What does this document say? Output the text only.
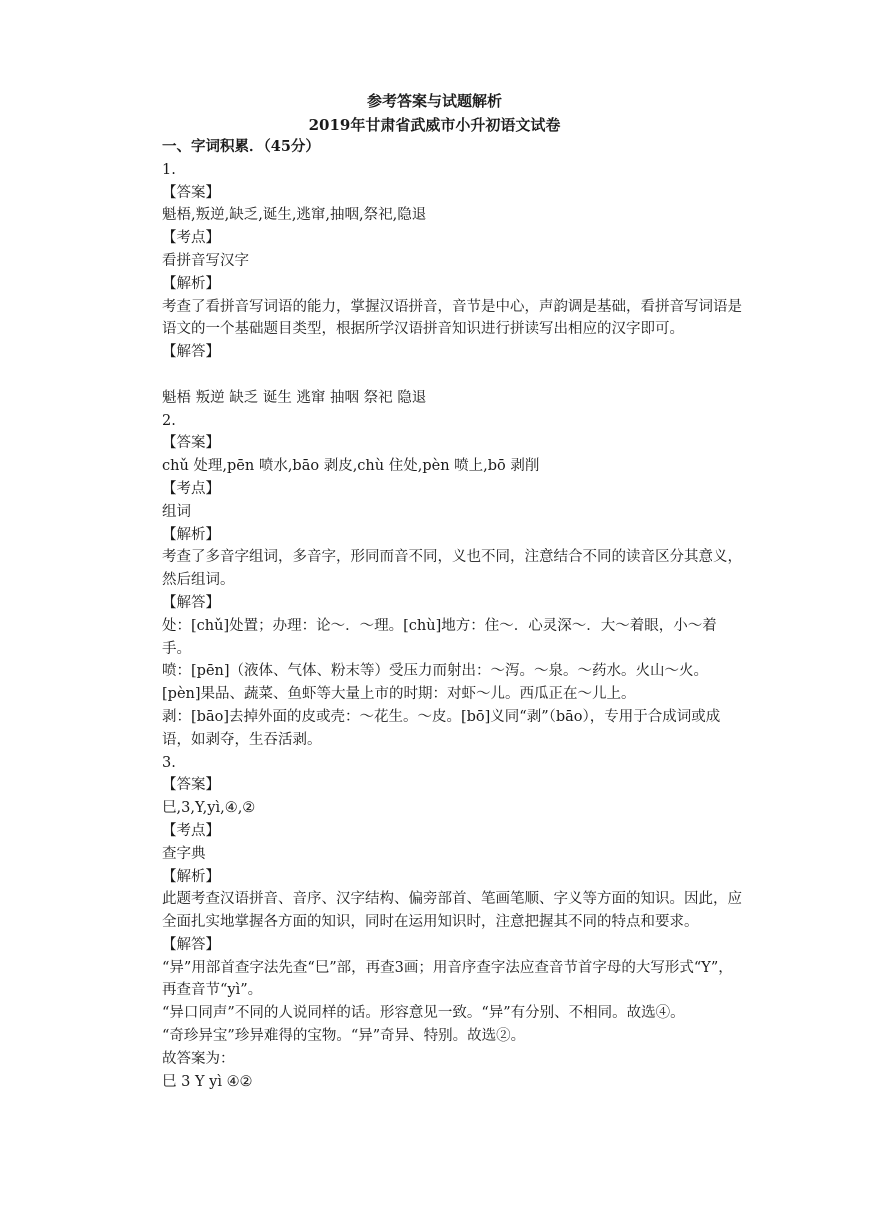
参考答案与试题解析
2019年甘肃省武威市小升初语文试卷
一、字词积累．（45分）
1.
【答案】
魁梧,叛逆,缺乏,诞生,逃窜,抽咽,祭祀,隐退
【考点】
看拼音写汉字
【解析】
考查了看拼音写词语的能力，掌握汉语拼音，音节是中心，声韵调是基础，看拼音写词语是语文的一个基础题目类型，根据所学汉语拼音知识进行拼读写出相应的汉字即可。
【解答】
魁梧 叛逆 缺乏 诞生 逃窜 抽咽 祭祀 隐退
2.
【答案】
chǔ 处理,pēn 喷水,bāo 剥皮,chù 住处,pèn 喷上,bō 剥削
【考点】
组词
【解析】
考查了多音字组词，多音字，形同而音不同，义也不同，注意结合不同的读音区分其意义，然后组词。
【解答】
处：[chǔ]处置；办理：论～．～理。[chù]地方：住～．心灵深～．大～着眼，小～着手。
喷：[pēn]（液体、气体、粉末等）受压力而射出：～泻。～泉。～药水。火山～火。
[pèn]果品、蔬菜、鱼虾等大量上市的时期：对虾～儿。西瓜正在～儿上。
剥：[bāo]去掉外面的皮或壳：～花生。～皮。[bō]义同“剥”（bāo），专用于合成词或成语，如剥夺，生吞活剥。
3.
【答案】
巳,3,Y,yì,④,②
【考点】
查字典
【解析】
此题考查汉语拼音、音序、汉字结构、偏旁部首、笔画笔顺、字义等方面的知识。因此，应全面扎实地掌握各方面的知识，同时在运用知识时，注意把握其不同的特点和要求。
【解答】
“异”用部首查字法先查“巳”部，再查3画；用音序查字法应查音节首字母的大写形式“Y”，再查音节“yì”。
“异口同声”不同的人说同样的话。形容意见一致。“异”有分别、不相同。故选④。
“奇珍异宝”珍异难得的宝物。“异”奇异、特别。故选②。
故答案为：
巳 3 Y yì ④②
